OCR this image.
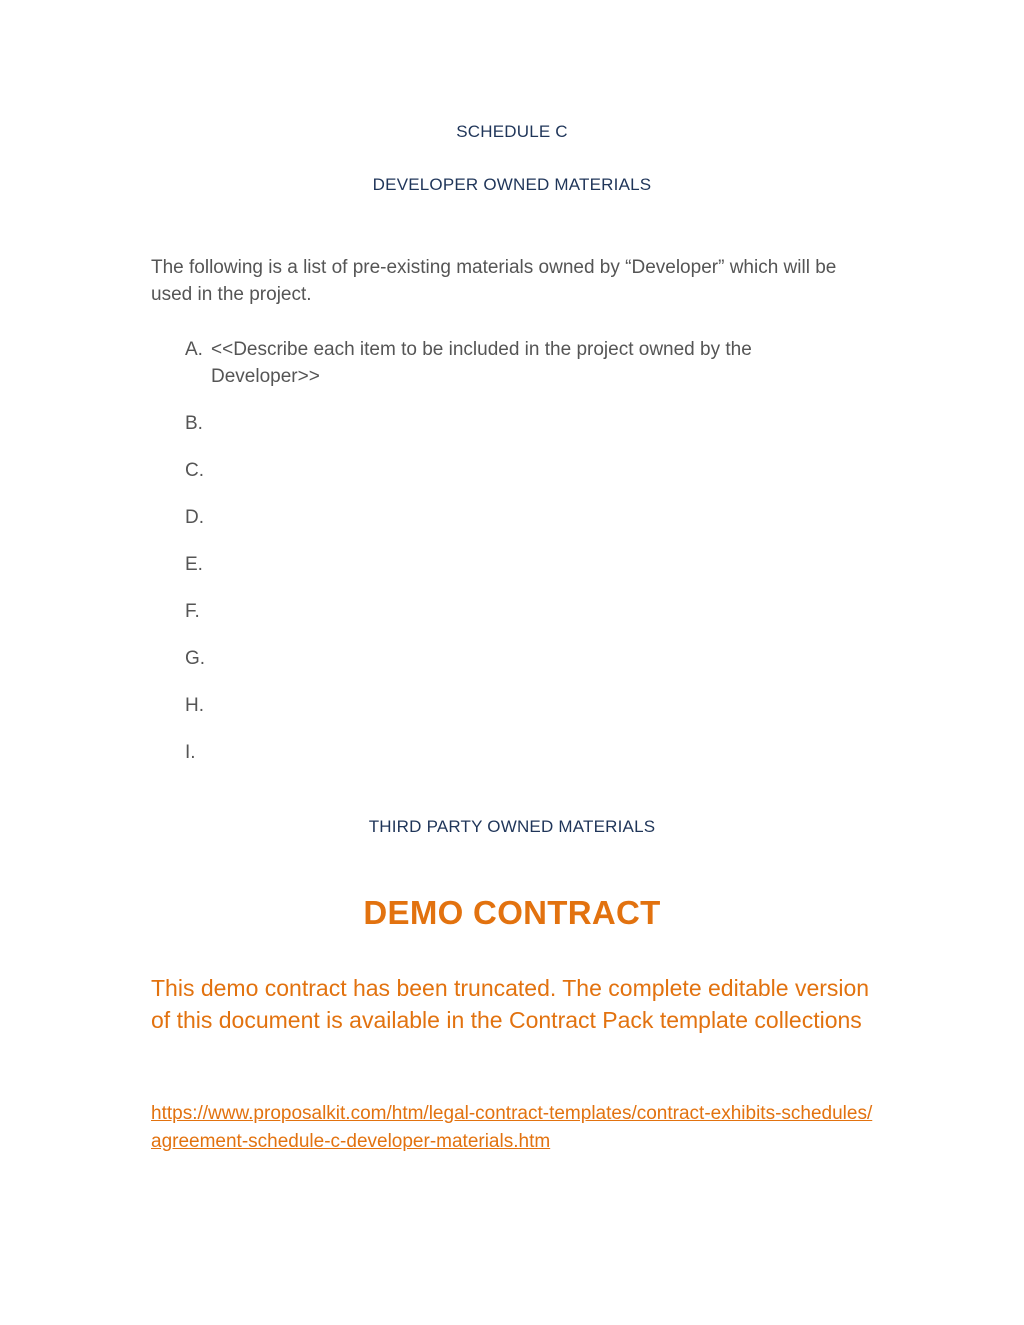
SCHEDULE C
DEVELOPER OWNED MATERIALS
The following is a list of pre-existing materials owned by “Developer” which will be used in the project.
A. <<Describe each item to be included in the project owned by the Developer>>
B.
C.
D.
E.
F.
G.
H.
I.
THIRD PARTY OWNED MATERIALS
DEMO CONTRACT
This demo contract has been truncated. The complete editable version of this document is available in the Contract Pack template collections
https://www.proposalkit.com/htm/legal-contract-templates/contract-exhibits-schedules/agreement-schedule-c-developer-materials.htm
